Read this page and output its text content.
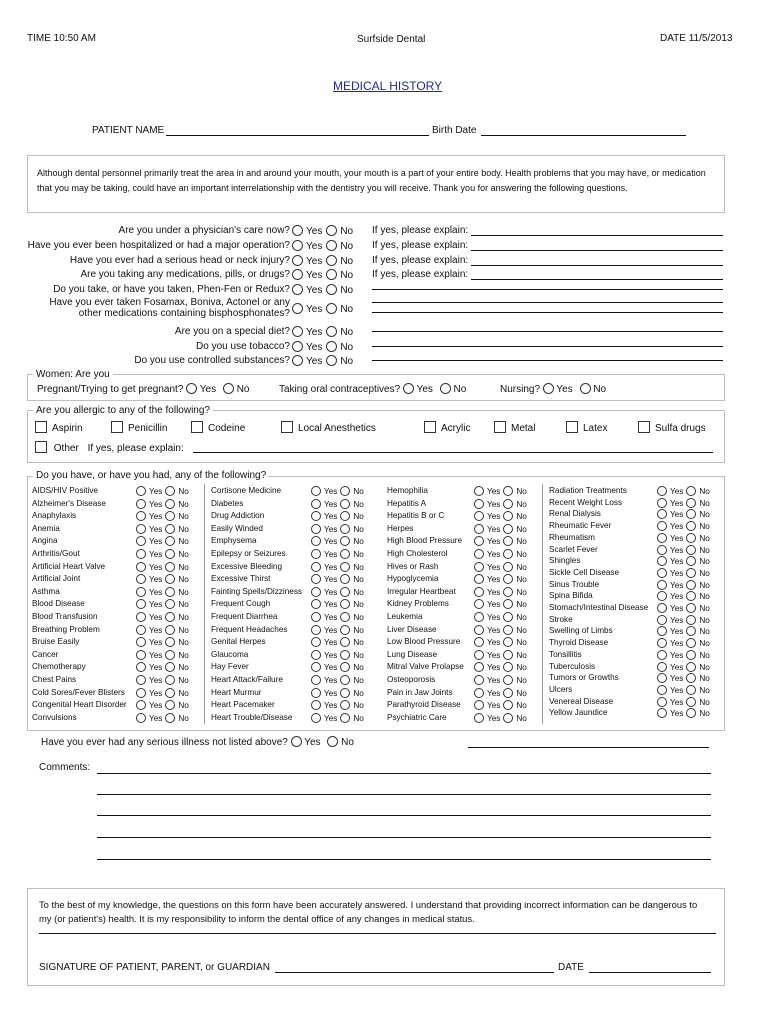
TIME 10:50 AM	Surfside Dental	DATE 11/5/2013
MEDICAL HISTORY
PATIENT NAME	Birth Date
Although dental personnel primarily treat the area in and around your mouth, your mouth is a part of your entire body. Health problems that you may have, or medication that you may be taking, could have an important interrelationship with the dentistry you will receive. Thank you for answering the following questions.
Are you under a physician's care now?	Yes No If yes, please explain:
Have you ever been hospitalized or had a major operation?	Yes No If yes, please explain:
Have you ever had a serious head or neck injury?	Yes No If yes, please explain:
Are you taking any medications, pills, or drugs?	Yes No If yes, please explain:
Do you take, or have you taken, Phen-Fen or Redux?	Yes No
Have you ever taken Fosamax, Boniva, Actonel or any
other medications containing bisphosphonates?	Yes No
Are you on a special diet?	Yes No
Do you use tobacco?	Yes No
Do you use controlled substances?	Yes No
Women: Are you
Pregnant/Trying to get pregnant? Yes No	Taking oral contraceptives? Yes No	Nursing? Yes No
Are you allergic to any of the following?
Aspirin	Penicillin	Codeine	Local Anesthetics	Acrylic	Metal	Latex	Sulfa drugs
Other If yes, please explain:
Do you have, or have you had, any of the following?
AIDS/HIV Positive	Yes No
Alzheimer's Disease	Yes No
Anaphylaxis	Yes No
Anemia	Yes No
Angina	Yes No
Arthritis/Gout	Yes No
Artificial Heart Valve	Yes No
Artificial Joint	Yes No
Asthma	Yes No
Blood Disease	Yes No
Blood Transfusion	Yes No
Breathing Problem	Yes No
Bruise Easily	Yes No
Cancer	Yes No
Chemotherapy	Yes No
Chest Pains	Yes No
Cold Sores/Fever Blisters	Yes No
Congenital Heart Disorder	Yes No
Convulsions	Yes No
Cortisone Medicine	Yes No
Diabetes	Yes No
Drug Addiction	Yes No
Easily Winded	Yes No
Emphysema	Yes No
Epilepsy or Seizures	Yes No
Excessive Bleeding	Yes No
Excessive Thirst	Yes No
Fainting Spells/Dizziness	Yes No
Frequent Cough	Yes No
Frequent Diarrhea	Yes No
Frequent Headaches	Yes No
Genital Herpes	Yes No
Glaucoma	Yes No
Hay Fever	Yes No
Heart Attack/Failure	Yes No
Heart Murmur	Yes No
Heart Pacemaker	Yes No
Heart Trouble/Disease	Yes No
Hemophilia	Yes No
Hepatitis A	Yes No
Hepatitis B or C	Yes No
Herpes	Yes No
High Blood Pressure	Yes No
High Cholesterol	Yes No
Hives or Rash	Yes No
Hypoglycemia	Yes No
Irregular Heartbeat	Yes No
Kidney Problems	Yes No
Leukemia	Yes No
Liver Disease	Yes No
Low Blood Pressure	Yes No
Lung Disease	Yes No
Mitral Valve Prolapse	Yes No
Osteoporosis	Yes No
Pain in Jaw Joints	Yes No
Parathyroid Disease	Yes No
Psychiatric Care	Yes No
Radiation Treatments	Yes No
Recent Weight Loss	Yes No
Renal Dialysis	Yes No
Rheumatic Fever	Yes No
Rheumatism	Yes No
Scarlet Fever	Yes No
Shingles	Yes No
Sickle Cell Disease	Yes No
Sinus Trouble	Yes No
Spina Bifida	Yes No
Stomach/Intestinal Disease	Yes No
Stroke	Yes No
Swelling of Limbs	Yes No
Thyroid Disease	Yes No
Tonsillitis	Yes No
Tuberculosis	Yes No
Tumors or Growths	Yes No
Ulcers	Yes No
Venereal Disease	Yes No
Yellow Jaundice	Yes No
Have you ever had any serious illness not listed above? Yes No
Comments:
To the best of my knowledge, the questions on this form have been accurately answered. I understand that providing incorrect information can be dangerous to my (or patient's) health. It is my responsibility to inform the dental office of any changes in medical status.
SIGNATURE OF PATIENT, PARENT, or GUARDIAN	DATE
